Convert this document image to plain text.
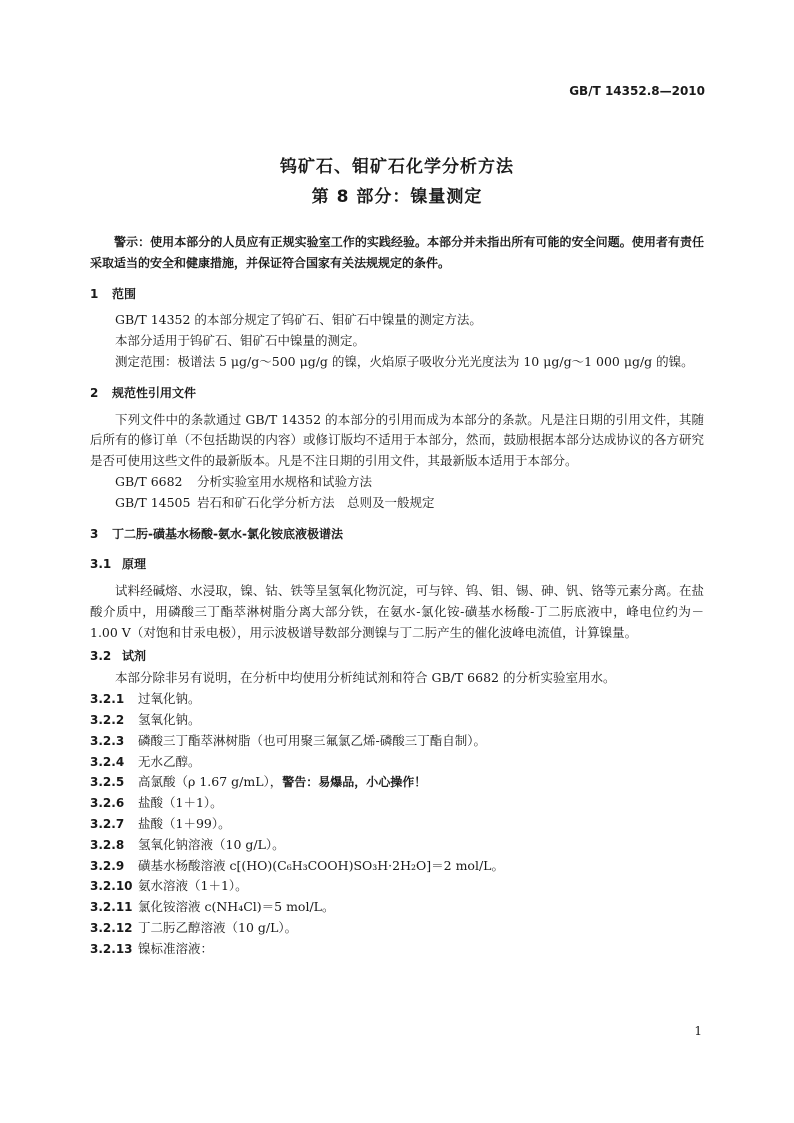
GB/T 14352.8—2010
钨矿石、钼矿石化学分析方法
第 8 部分：镍量测定

警示：使用本部分的人员应有正规实验室工作的实践经验。本部分并未指出所有可能的安全问题。使用者有责任采取适当的安全和健康措施，并保证符合国家有关法规规定的条件。

1 范围

GB/T 14352 的本部分规定了钨矿石、钼矿石中镍量的测定方法。

本部分适用于钨矿石、钼矿石中镍量的测定。

测定范围：极谱法 5 μg/g～500 μg/g 的镍，火焰原子吸收分光光度法为 10 μg/g～1 000 μg/g 的镍。

2 规范性引用文件

下列文件中的条款通过 GB/T 14352 的本部分的引用而成为本部分的条款。凡是注日期的引用文件，其随后所有的修订单（不包括勘误的内容）或修订版均不适用于本部分，然而，鼓励根据本部分达成协议的各方研究是否可使用这些文件的最新版本。凡是不注日期的引用文件，其最新版本适用于本部分。

GB/T 6682 分析实验室用水规格和试验方法

GB/T 14505 岩石和矿石化学分析方法　总则及一般规定

3 丁二肟-磺基水杨酸-氨水-氯化铵底液极谱法
3.1 原理

试料经碱熔、水浸取，镍、钴、铁等呈氢氧化物沉淀，可与锌、钨、钼、锡、砷、钒、铬等元素分离。在盐酸介质中，用磷酸三丁酯萃淋树脂分离大部分铁，在氨水-氯化铵-磺基水杨酸-丁二肟底液中，峰电位约为－1.00 V（对饱和甘汞电极），用示波极谱导数部分测镍与丁二肟产生的催化波峰电流值，计算镍量。

3.2 试剂

本部分除非另有说明，在分析中均使用分析纯试剂和符合 GB/T 6682 的分析实验室用水。

3.2.1	过氧化钠。
3.2.2	氢氧化钠。
3.2.3	磷酸三丁酯萃淋树脂（也可用聚三氟氯乙烯-磷酸三丁酯自制）。
3.2.4	无水乙醇。
3.2.5	高氯酸（ρ 1.67 g/mL），警告：易爆品，小心操作！
3.2.6	盐酸（1＋1）。
3.2.7	盐酸（1＋99）。
3.2.8	氢氧化钠溶液（10 g/L）。
3.2.9	磺基水杨酸溶液 c[(HO)(C₆H₃COOH)SO₃H·2H₂O]＝2 mol/L。
3.2.10 氨水溶液（1＋1）。
3.2.11 氯化铵溶液 c(NH₄Cl)＝5 mol/L。
3.2.12 丁二肟乙醇溶液（10 g/L）。
3.2.13 镍标准溶液：
1
